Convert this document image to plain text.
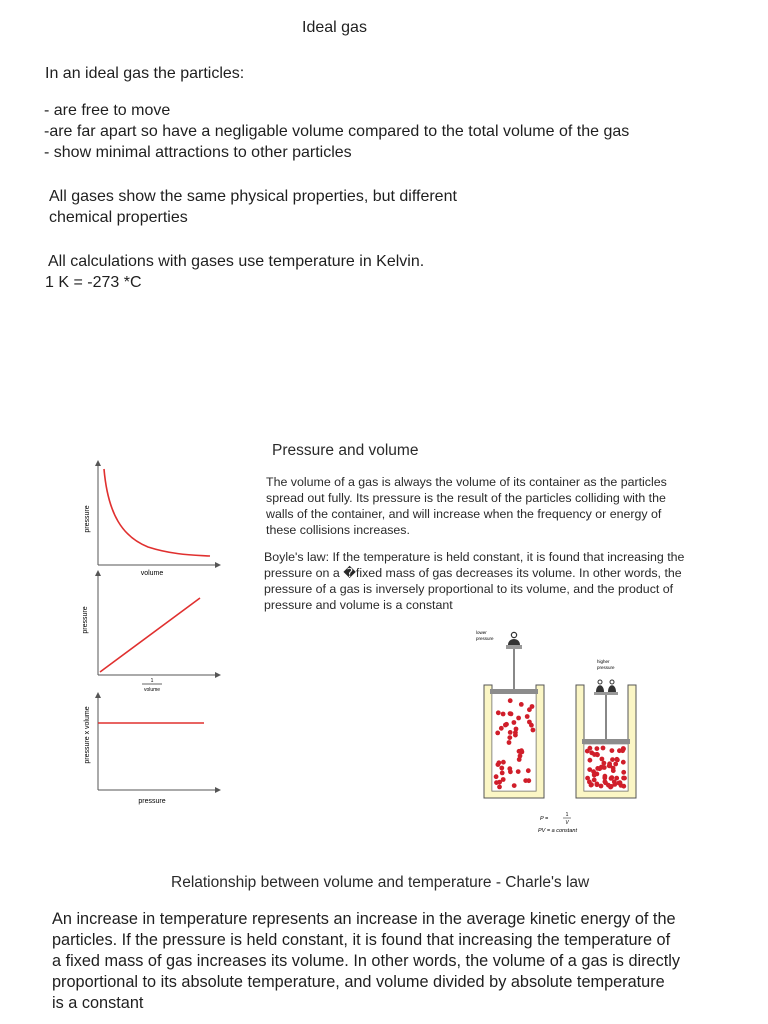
Ideal gas
In an ideal gas the particles:
- are free to move
-are far apart so have a negligable volume compared to the total volume of the gas
- show minimal attractions to other particles
All gases show the same physical properties, but different
chemical properties
All calculations with gases use temperature in Kelvin.
1 K = -273 *C
Pressure and volume
The volume of a gas is always the volume of its container as the particles
spread out fully. Its pressure is the result of the particles colliding with the
walls of the container, and will increase when the frequency or energy of
these collisions increases.
Boyle's law: If the temperature is held constant, it is found that increasing the
pressure on a �fixed mass of gas decreases its volume. In other words, the
pressure of a gas is inversely proportional to its volume, and the product of
pressure and volume is a constant
pressure
volume
pressure
1
volume
pressure x volume
pressure
lower
pressure
higher
pressure
P =
1
V
PV = a constant
Relationship between volume and temperature - Charle's law
An increase in temperature represents an increase in the average kinetic energy of the
particles. If the pressure is held constant, it is found that increasing the temperature of
a fixed mass of gas increases its volume. In other words, the volume of a gas is directly
proportional to its absolute temperature, and volume divided by absolute temperature
is a constant
